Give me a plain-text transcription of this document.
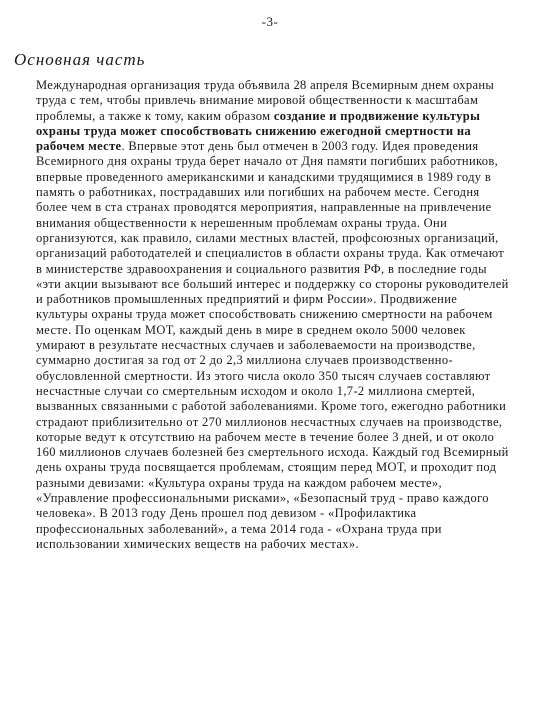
-3-
Основная часть

Международная организация труда объявила 28 апреля Всемирным днем охраны труда с тем, чтобы привлечь внимание мировой общественности к масштабам проблемы, а также к тому, каким образом создание и продвижение культуры охраны труда может способствовать снижению ежегодной смертности на рабочем месте. Впервые этот день был отмечен в 2003 году. Идея проведения Всемирного дня охраны труда берет начало от Дня памяти погибших работников, впервые проведенного американскими и канадскими трудящимися в 1989 году в память о работниках, пострадавших или погибших на рабочем месте. Сегодня более чем в ста странах проводятся мероприятия, направленные на привлечение внимания общественности к нерешенным проблемам охраны труда. Они организуются, как правило, силами местных властей, профсоюзных организаций, организаций работодателей и специалистов в области охраны труда. Как отмечают в министерстве здравоохранения и социального развития РФ, в последние годы «эти акции вызывают все больший интерес и поддержку со стороны руководителей и работников промышленных предприятий и фирм России». Продвижение культуры охраны труда может способствовать снижению смертности на рабочем месте. По оценкам МОТ, каждый день в мире в среднем около 5000 человек умирают в результате несчастных случаев и заболеваемости на производстве, суммарно достигая за год от 2 до 2,3 миллиона случаев производственно-обусловленной смертности. Из этого числа около 350 тысяч случаев составляют несчастные случаи со смертельным исходом и около 1,7-2 миллиона смертей, вызванных связанными с работой заболеваниями. Кроме того, ежегодно работники страдают приблизительно от 270 миллионов несчастных случаев на производстве, которые ведут к отсутствию на рабочем месте в течение более 3 дней, и от около 160 миллионов случаев болезней без смертельного исхода. Каждый год Всемирный день охраны труда посвящается проблемам, стоящим перед МОТ, и проходит под разными девизами: «Культура охраны труда на каждом рабочем месте», «Управление профессиональными рисками», «Безопасный труд - право каждого человека». В 2013 году День прошел под девизом - «Профилактика профессиональных заболеваний», а тема 2014 года - «Охрана труда при использовании химических веществ на рабочих местах».
